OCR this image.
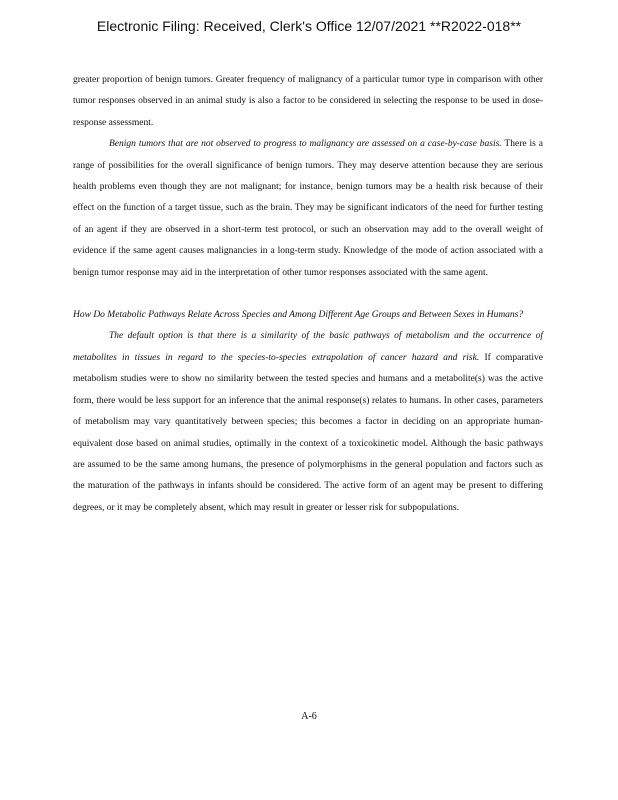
Electronic Filing: Received, Clerk's Office 12/07/2021 **R2022-018**

greater proportion of benign tumors. Greater frequency of malignancy of a particular tumor type in comparison with other tumor responses observed in an animal study is also a factor to be considered in selecting the response to be used in dose-response assessment.

Benign tumors that are not observed to progress to malignancy are assessed on a case-by-case basis. There is a range of possibilities for the overall significance of benign tumors. They may deserve attention because they are serious health problems even though they are not malignant; for instance, benign tumors may be a health risk because of their effect on the function of a target tissue, such as the brain. They may be significant indicators of the need for further testing of an agent if they are observed in a short-term test protocol, or such an observation may add to the overall weight of evidence if the same agent causes malignancies in a long-term study. Knowledge of the mode of action associated with a benign tumor response may aid in the interpretation of other tumor responses associated with the same agent.

How Do Metabolic Pathways Relate Across Species and Among Different Age Groups and Between Sexes in Humans?

The default option is that there is a similarity of the basic pathways of metabolism and the occurrence of metabolites in tissues in regard to the species-to-species extrapolation of cancer hazard and risk. If comparative metabolism studies were to show no similarity between the tested species and humans and a metabolite(s) was the active form, there would be less support for an inference that the animal response(s) relates to humans. In other cases, parameters of metabolism may vary quantitatively between species; this becomes a factor in deciding on an appropriate human-equivalent dose based on animal studies, optimally in the context of a toxicokinetic model. Although the basic pathways are assumed to be the same among humans, the presence of polymorphisms in the general population and factors such as the maturation of the pathways in infants should be considered. The active form of an agent may be present to differing degrees, or it may be completely absent, which may result in greater or lesser risk for subpopulations.

A-6
